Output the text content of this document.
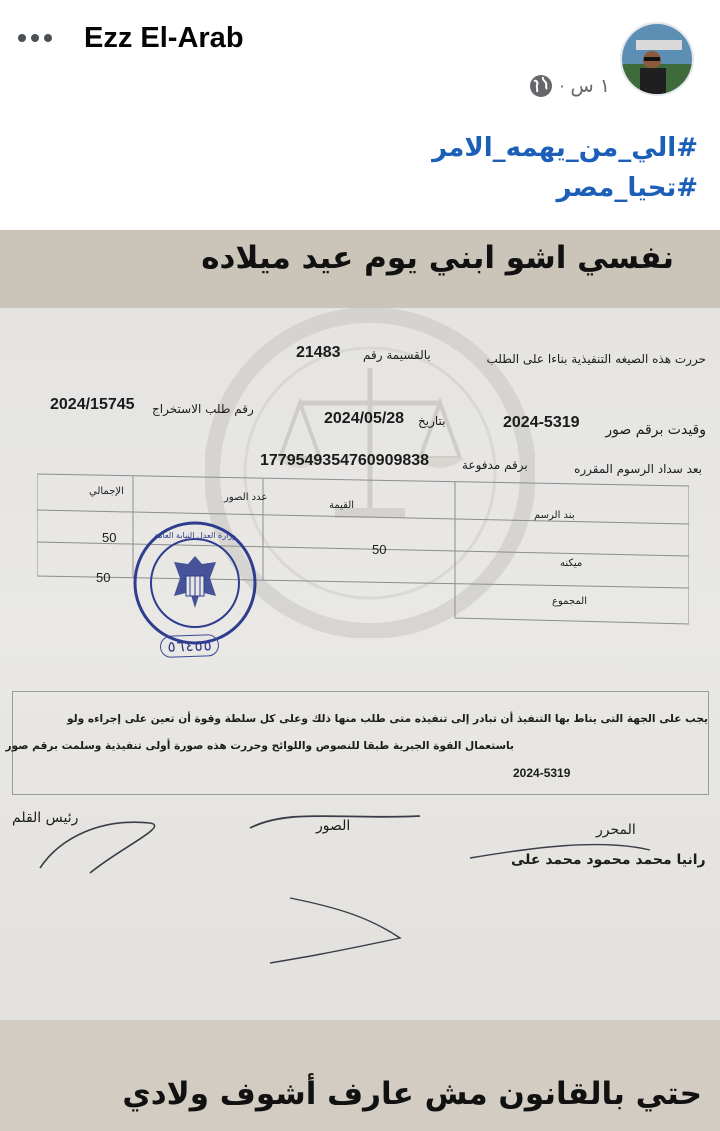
Ezz El-Arab
· ١ س
#الي_من_يهمه_الامر
#تحيا_مصر
نفسي اشو ابني يوم عيد ميلاده
حررت هذه الصيغه التنفيذية بناءا على الطلب
بالقسيمة رقم
21483
وقيدت برقم صور
2024-5319
بتاريخ
2024/05/28
رقم طلب الاستخراج
2024/15745
بعد سداد الرسوم المقرره
برقم مدفوعة
177954935476090983​8
بند الرسم
القيمة
عدد الصور
الإجمالي
50
50
ميكنه
50
المجموع
وزارة العدل النيابة العامة
٥٦٤٥٥
يجب على الجهة التى يناط بها التنفيذ أن تبادر إلى تنفيذه متى طلب منها ذلك وعلى كل سلطة وقوة أن تعين على إجراءه ولو
باستعمال القوة الجبرية طبقا للنصوص واللوائح وحررت هذه صورة أولى تنفيذية وسلمت برقم صور
2024-5319
رئيس القلم	الصور	المحرر
رانيا محمد محمود محمد على
حتي بالقانون مش عارف أشوف ولادي
